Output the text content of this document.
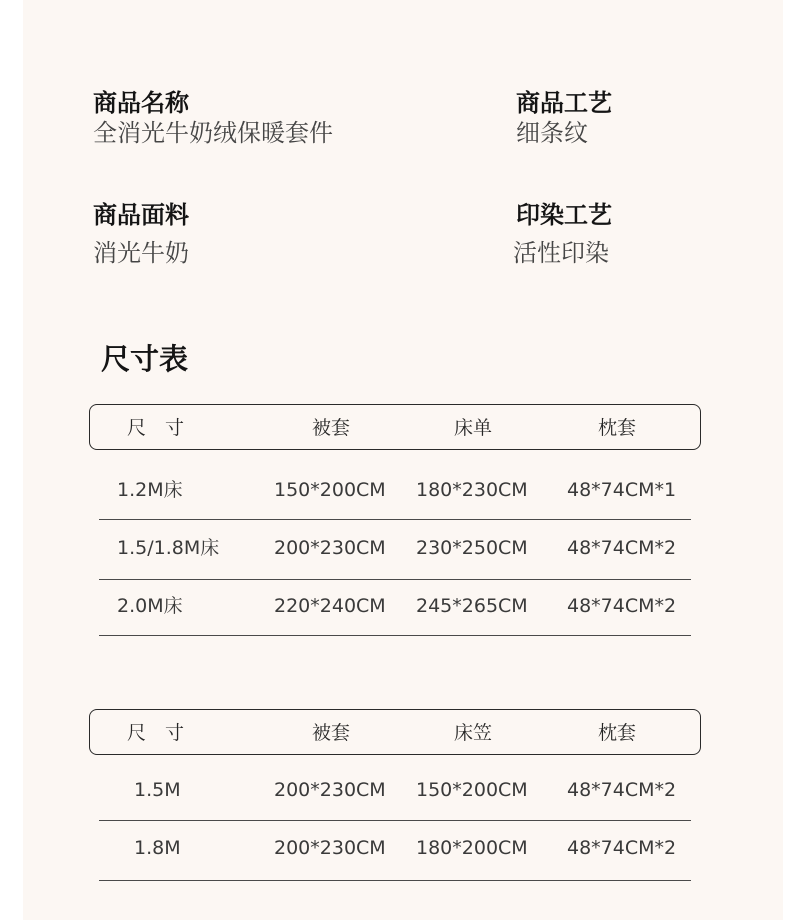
商品名称
全消光牛奶绒保暖套件
商品工艺
细条纹
商品面料
消光牛奶
印染工艺
活性印染
尺寸表
尺　寸	被套	床单	枕套
1.2M床	150*200CM 180*230CM 48*74CM*1
1.5/1.8M床	200*230CM 230*250CM 48*74CM*2
2.0M床	220*240CM 245*265CM 48*74CM*2
尺　寸	被套	床笠	枕套
1.5M	200*230CM 150*200CM 48*74CM*2
1.8M	200*230CM 180*200CM 48*74CM*2
